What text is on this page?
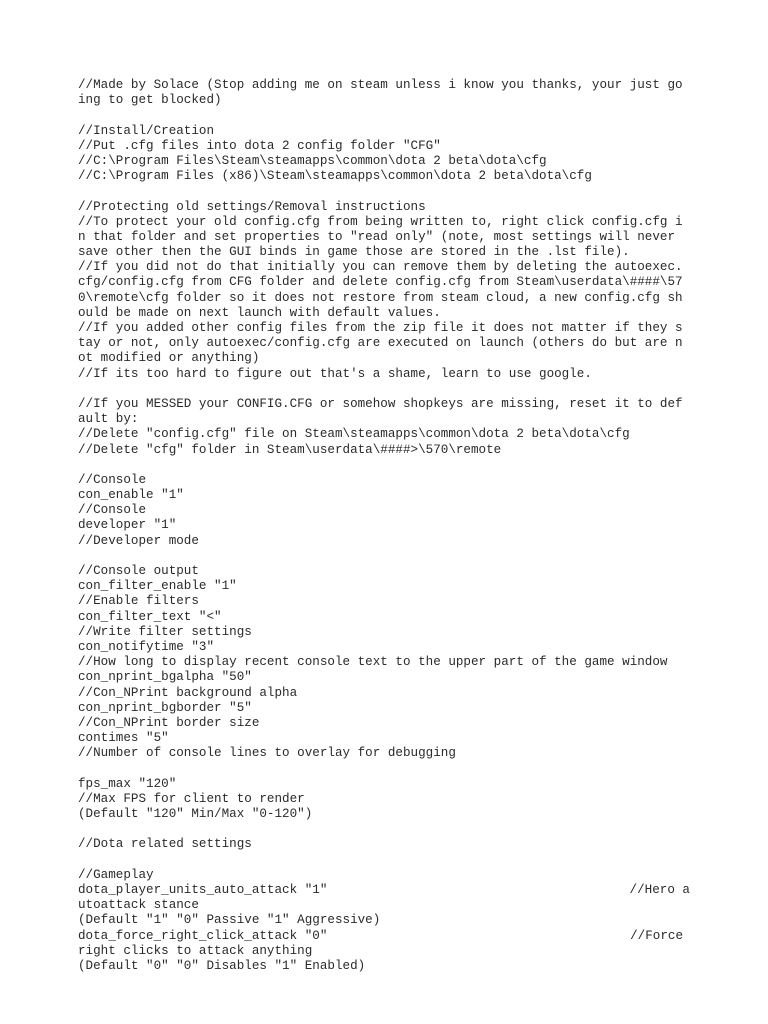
//Made by Solace (Stop adding me on steam unless i know you thanks, your just go
ing to get blocked)
//Install/Creation
//Put .cfg files into dota 2 config folder "CFG"
//C:\Program Files\Steam\steamapps\common\dota 2 beta\dota\cfg
//C:\Program Files (x86)\Steam\steamapps\common\dota 2 beta\dota\cfg
//Protecting old settings/Removal instructions
//To protect your old config.cfg from being written to, right click config.cfg i
n that folder and set properties to "read only" (note, most settings will never
save other then the GUI binds in game those are stored in the .lst file).
//If you did not do that initially you can remove them by deleting the autoexec.
cfg/config.cfg from CFG folder and delete config.cfg from Steam\userdata\####\57
0\remote\cfg folder so it does not restore from steam cloud, a new config.cfg sh
ould be made on next launch with default values.
//If you added other config files from the zip file it does not matter if they s
tay or not, only autoexec/config.cfg are executed on launch (others do but are n
ot modified or anything)
//If its too hard to figure out that's a shame, learn to use google.
//If you MESSED your CONFIG.CFG or somehow shopkeys are missing, reset it to def
ault by:
//Delete "config.cfg" file on Steam\steamapps\common\dota 2 beta\dota\cfg
//Delete "cfg" folder in Steam\userdata\####>\570\remote
//Console
con_enable "1"
//Console
developer "1"
//Developer mode
//Console output
con_filter_enable "1"
//Enable filters
con_filter_text "<"
//Write filter settings
con_notifytime "3"
//How long to display recent console text to the upper part of the game window
con_nprint_bgalpha "50"
//Con_NPrint background alpha
con_nprint_bgborder "5"
//Con_NPrint border size
contimes "5"
//Number of console lines to overlay for debugging
fps_max "120"
//Max FPS for client to render
(Default "120" Min/Max "0-120")
//Dota related settings
//Gameplay
dota_player_units_auto_attack "1"	//Hero a
utoattack stance
(Default "1" "0" Passive "1" Aggressive)
dota_force_right_click_attack "0"	//Force
right clicks to attack anything
(Default "0" "0" Disables "1" Enabled)
